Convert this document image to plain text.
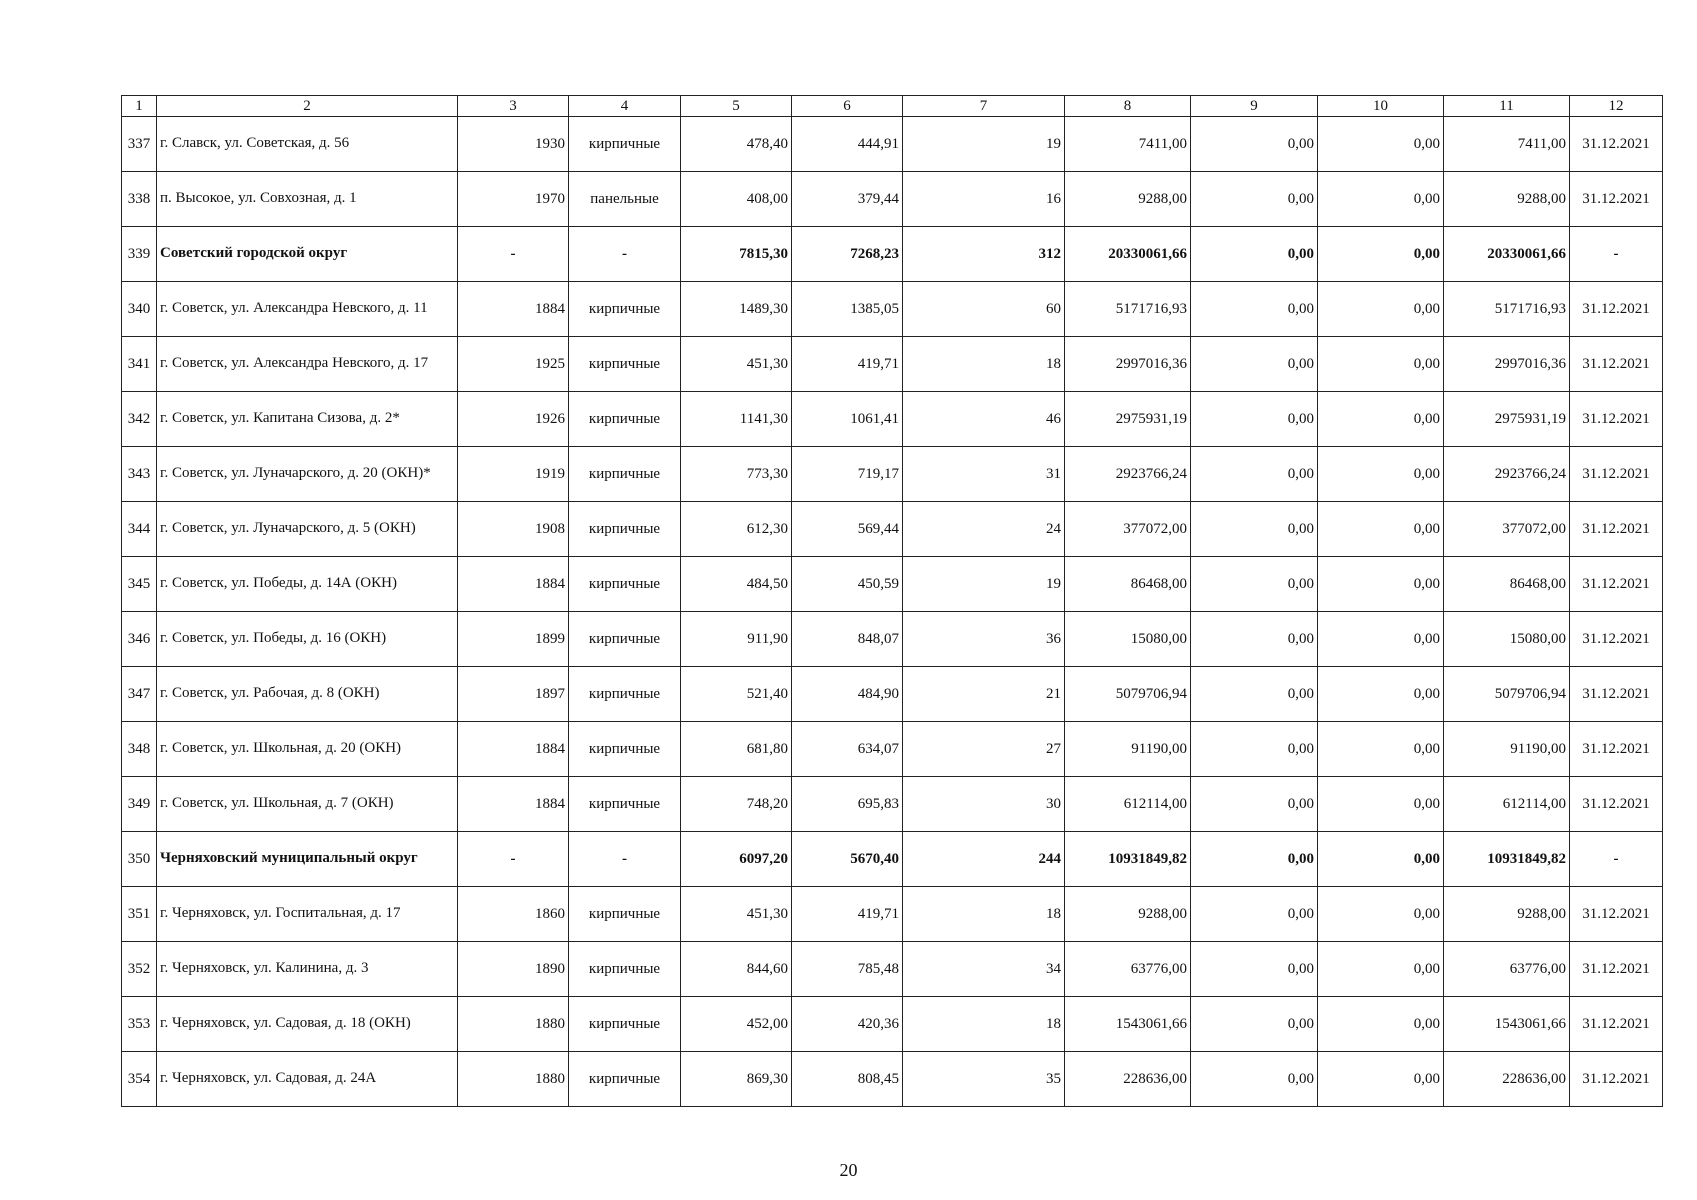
1	2	3	4	5	6	7	8	9	10	11	12
337	г. Славск, ул. Советская, д. 56	1930	кирпичные	478,40	444,91	19	7411,00	0,00	0,00	7411,00	31.12.2021
338	п. Высокое, ул. Совхозная, д. 1	1970	панельные	408,00	379,44	16	9288,00	0,00	0,00	9288,00	31.12.2021
339	Советский городской округ	-	-	7815,30	7268,23	312	20330061,66	0,00	0,00	20330061,66	-
340	г. Советск, ул. Александра Невского, д. 11	1884	кирпичные	1489,30	1385,05	60	5171716,93	0,00	0,00	5171716,93	31.12.2021
341	г. Советск, ул. Александра Невского, д. 17	1925	кирпичные	451,30	419,71	18	2997016,36	0,00	0,00	2997016,36	31.12.2021
342	г. Советск, ул. Капитана Сизова, д. 2*	1926	кирпичные	1141,30	1061,41	46	2975931,19	0,00	0,00	2975931,19	31.12.2021
343	г. Советск, ул. Луначарского, д. 20 (ОКН)*	1919	кирпичные	773,30	719,17	31	2923766,24	0,00	0,00	2923766,24	31.12.2021
344	г. Советск, ул. Луначарского, д. 5 (ОКН)	1908	кирпичные	612,30	569,44	24	377072,00	0,00	0,00	377072,00	31.12.2021
345	г. Советск, ул. Победы, д. 14А (ОКН)	1884	кирпичные	484,50	450,59	19	86468,00	0,00	0,00	86468,00	31.12.2021
346	г. Советск, ул. Победы, д. 16 (ОКН)	1899	кирпичные	911,90	848,07	36	15080,00	0,00	0,00	15080,00	31.12.2021
347	г. Советск, ул. Рабочая, д. 8 (ОКН)	1897	кирпичные	521,40	484,90	21	5079706,94	0,00	0,00	5079706,94	31.12.2021
348	г. Советск, ул. Школьная, д. 20 (ОКН)	1884	кирпичные	681,80	634,07	27	91190,00	0,00	0,00	91190,00	31.12.2021
349	г. Советск, ул. Школьная, д. 7 (ОКН)	1884	кирпичные	748,20	695,83	30	612114,00	0,00	0,00	612114,00	31.12.2021
350	Черняховский муниципальный округ	-	-	6097,20	5670,40	244	10931849,82	0,00	0,00	10931849,82	-
351	г. Черняховск, ул. Госпитальная, д. 17	1860	кирпичные	451,30	419,71	18	9288,00	0,00	0,00	9288,00	31.12.2021
352	г. Черняховск, ул. Калинина, д. 3	1890	кирпичные	844,60	785,48	34	63776,00	0,00	0,00	63776,00	31.12.2021
353	г. Черняховск, ул. Садовая, д. 18 (ОКН)	1880	кирпичные	452,00	420,36	18	1543061,66	0,00	0,00	1543061,66	31.12.2021
354	г. Черняховск, ул. Садовая, д. 24А	1880	кирпичные	869,30	808,45	35	228636,00	0,00	0,00	228636,00	31.12.2021
20
